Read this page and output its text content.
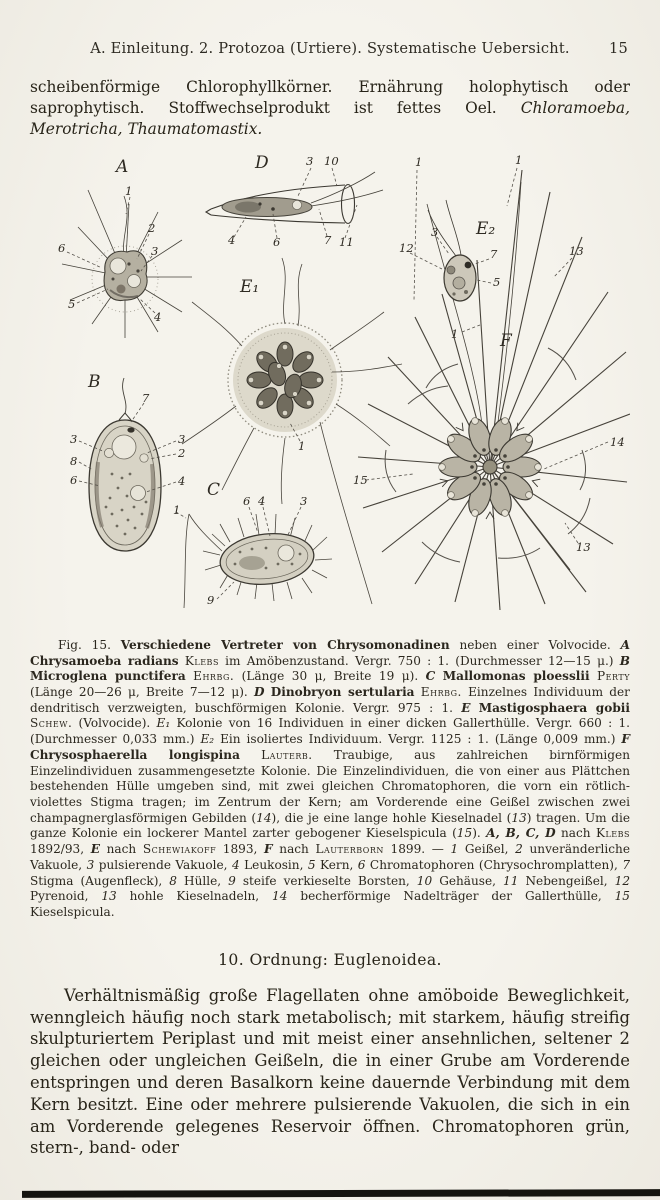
A. Einleitung. 2. Protozoa (Urtiere). Systematische Uebersicht.	15

scheibenförmige Chlorophyllkörner. Ernährung holophytisch oder saprophytisch. Stoffwechselprodukt ist fettes Oel. Chloramoeba, Merotricha, Thaumatomastix.

A
B
C
D
E₁
E₂
F
1
2
3
4
5
6
3 10
4	6	7 11
1	1
3
7
5
12
1
1
13
13
14
15
7
3
2
3
8
6	4
1
6 4	3
9

Fig. 15. Verschiedene Vertreter von Chrysomonadinen neben einer Volvocide. A Chrysamoeba radians Klebs im Amöbenzustand. Vergr. 750 : 1. (Durchmesser 12—15 μ.) B Microglena punctifera Ehrbg. (Länge 30 μ, Breite 19 μ). C Mallomonas ploesslii Perty (Länge 20—26 μ, Breite 7—12 μ). D Dinobryon sertularia Ehrbg. Einzelnes Individuum der dendritisch verzweigten, buschförmigen Kolonie. Vergr. 975 : 1. E Mastigosphaera gobii Schew. (Volvocide). E₁ Kolonie von 16 Individuen in einer dicken Gallerthülle. Vergr. 660 : 1. (Durchmesser 0,033 mm.) E₂ Ein isoliertes Individuum. Vergr. 1125 : 1. (Länge 0,009 mm.) F Chrysosphaerella longispina Lauterb. Traubige, aus zahlreichen birnförmigen Einzelindividuen zusammengesetzte Kolonie. Die Einzelindividuen, die von einer aus Plättchen bestehenden Hülle umgeben sind, mit zwei gleichen Chromatophoren, die vorn ein rötlich-violettes Stigma tragen; im Zentrum der Kern; am Vorderende eine Geißel zwischen zwei champagnerglasförmigen Gebilden (14), die je eine lange hohle Kieselnadel (13) tragen. Um die ganze Kolonie ein lockerer Mantel zarter gebogener Kieselspicula (15). A, B, C, D nach Klebs 1892/93, E nach Schewiakoff 1893, F nach Lauterborn 1899. — 1 Geißel, 2 unveränderliche Vakuole, 3 pulsierende Vakuole, 4 Leukosin, 5 Kern, 6 Chromatophoren (Chrysochromplatten), 7 Stigma (Augenfleck), 8 Hülle, 9 steife verkieselte Borsten, 10 Gehäuse, 11 Nebengeißel, 12 Pyrenoid, 13 hohle Kieselnadeln, 14 becherförmige Nadelträger der Gallerthülle, 15 Kieselspicula.

10. Ordnung: Euglenoidea.

Verhältnismäßig große Flagellaten ohne amöboide Beweglichkeit, wenngleich häufig noch stark metabolisch; mit starkem, häufig streifig skulpturiertem Periplast und mit meist einer ansehnlichen, seltener 2 gleichen oder ungleichen Geißeln, die in einer Grube am Vorderende entspringen und deren Basalkorn keine dauernde Verbindung mit dem Kern besitzt. Eine oder mehrere pulsierende Vakuolen, die sich in ein am Vorderende gelegenes Reservoir öffnen. Chromatophoren grün, stern-, band- oder
